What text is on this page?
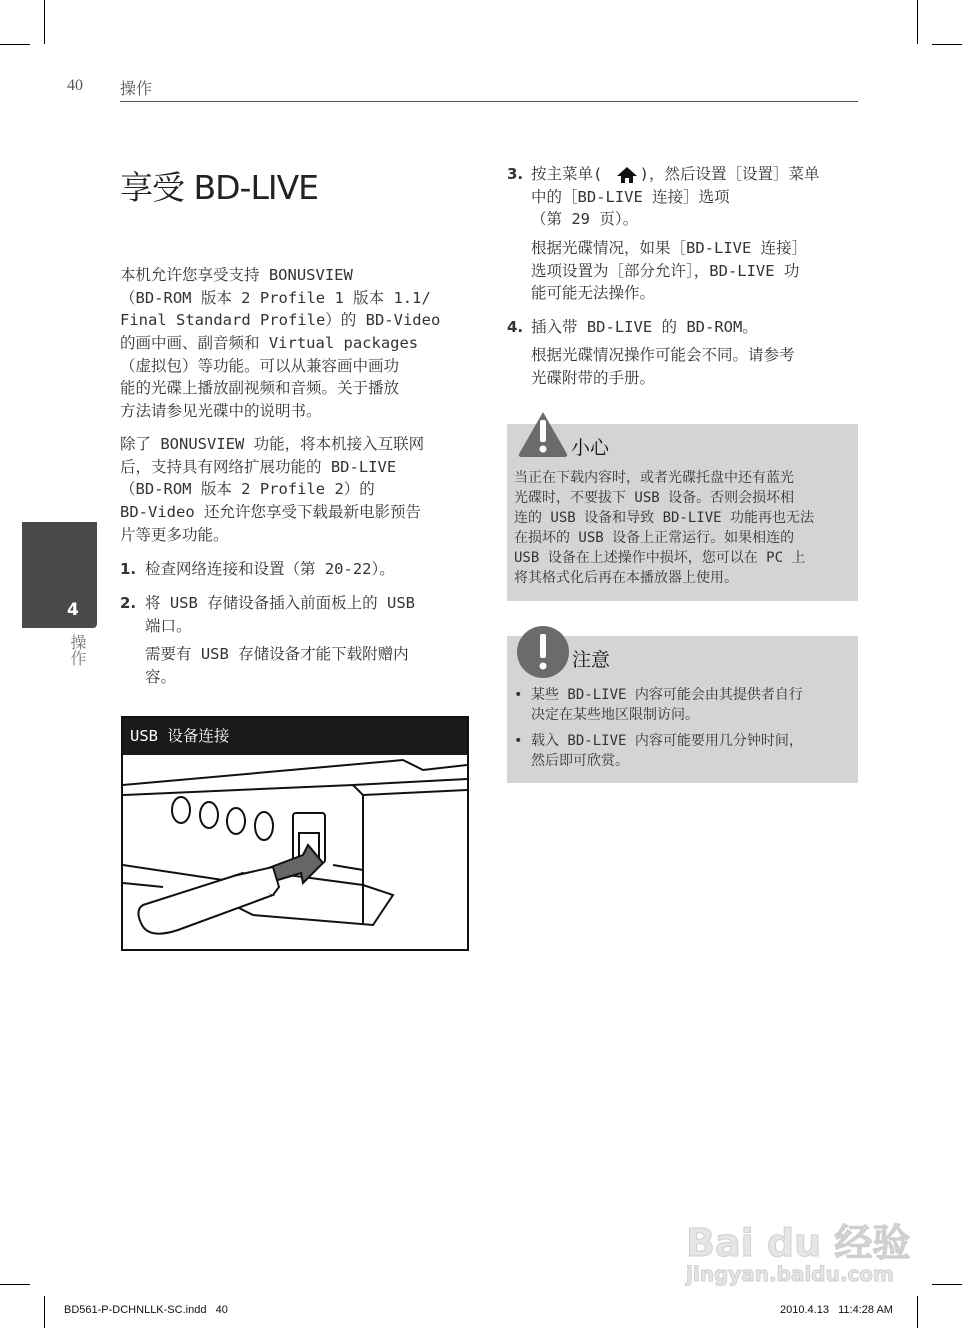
40 操作
享受 BD-LIVE
4
操作
本机允许您享受支持 BONUSVIEW
（BD-ROM 版本 2 Profile 1 版本 1.1/
Final Standard Profile）的 BD-Video
的画中画、副音频和 Virtual packages
（虚拟包）等功能。可以从兼容画中画功
能的光碟上播放副视频和音频。关于播放
方法请参见光碟中的说明书。
除了 BONUSVIEW 功能，将本机接入互联网
后，支持具有网络扩展功能的 BD-LIVE
（BD-ROM 版本 2 Profile 2）的
BD-Video 还允许您享受下载最新电影预告
片等更多功能。
1. 检查网络连接和设置（第 20-22）。
2. 将 USB 存储设备插入前面板上的 USB
端口。
需要有 USB 存储设备才能下载附赠内
容。
USB 设备连接
3. 按主菜单(    )，然后设置［设置］菜单
中的［BD-LIVE 连接］选项
（第 29 页）。
根据光碟情况，如果［BD-LIVE 连接］
选项设置为［部分允许］，BD-LIVE 功
能可能无法操作。
4. 插入带 BD-LIVE 的 BD-ROM。
根据光碟情况操作可能会不同。请参考
光碟附带的手册。
小心
当正在下载内容时，或者光碟托盘中还有蓝光
光碟时，不要拔下 USB 设备。否则会损坏相
连的 USB 设备和导致 BD-LIVE 功能再也无法
在损坏的 USB 设备上正常运行。如果相连的
USB 设备在上述操作中损坏，您可以在 PC 上
将其格式化后再在本播放器上使用。
注意
• 某些 BD-LIVE 内容可能会由其提供者自行
决定在某些地区限制访问。
• 载入 BD-LIVE 内容可能要用几分钟时间，
然后即可欣赏。
Bai du 经验
jingyan.baidu.com
BD561-P-DCHNLLK-SC.indd   40	2010.4.13   11:4:28 AM
